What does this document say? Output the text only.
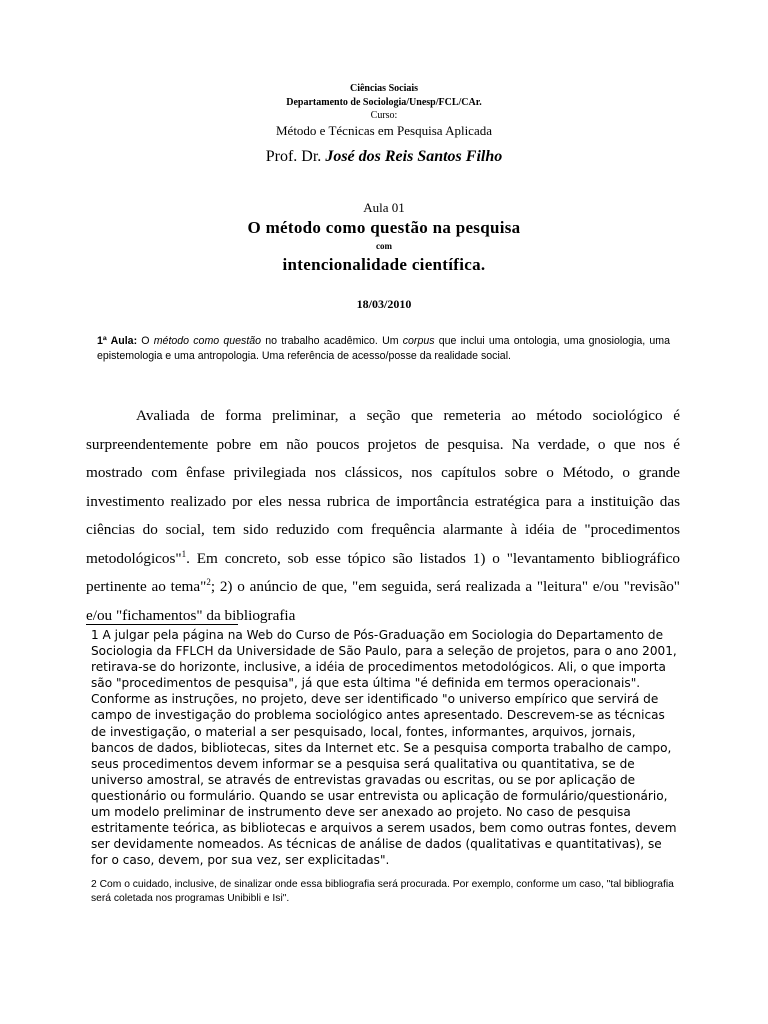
Ciências Sociais
Departamento de Sociologia/Unesp/FCL/CAr.
Curso:
Método e Técnicas em Pesquisa Aplicada
Prof. Dr. José dos Reis Santos Filho
Aula 01
O método como questão na pesquisa
com
intencionalidade científica.
18/03/2010
1ª Aula: O método como questão no trabalho acadêmico. Um corpus que inclui uma ontologia, uma gnosiologia, uma epistemologia e uma antropologia. Uma referência de acesso/posse da realidade social.
Avaliada de forma preliminar, a seção que remeteria ao método sociológico é surpreendentemente pobre em não poucos projetos de pesquisa. Na verdade, o que nos é mostrado com ênfase privilegiada nos clássicos, nos capítulos sobre o Método, o grande investimento realizado por eles nessa rubrica de importância estratégica para a instituição das ciências do social, tem sido reduzido com frequência alarmante à idéia de "procedimentos metodológicos"$^1$. Em concreto, sob esse tópico são listados 1) o "levantamento bibliográfico pertinente ao tema"$^2$; 2) o anúncio de que, "em seguida, será realizada a "leitura" e/ou "revisão" e/ou "fichamentos" da bibliografia
1 A julgar pela página na Web do Curso de Pós-Graduação em Sociologia do Departamento de Sociologia da FFLCH da Universidade de São Paulo, para a seleção de projetos, para o ano 2001, retirava-se do horizonte, inclusive, a idéia de procedimentos metodológicos. Ali, o que importa são "procedimentos de pesquisa", já que esta última "é definida em termos operacionais". Conforme as instruções, no projeto, deve ser identificado "o universo empírico que servirá de campo de investigação do problema sociológico antes apresentado. Descrevem-se as técnicas de investigação, o material a ser pesquisado, local, fontes, informantes, arquivos, jornais, bancos de dados, bibliotecas, sites da Internet etc. Se a pesquisa comporta trabalho de campo, seus procedimentos devem informar se a pesquisa será qualitativa ou quantitativa, se de universo amostral, se através de entrevistas gravadas ou escritas, ou se por aplicação de questionário ou formulário. Quando se usar entrevista ou aplicação de formulário/questionário, um modelo preliminar de instrumento deve ser anexado ao projeto. No caso de pesquisa estritamente teórica, as bibliotecas e arquivos a serem usados, bem como outras fontes, devem ser devidamente nomeados. As técnicas de análise de dados (qualitativas e quantitativas), se for o caso, devem, por sua vez, ser explicitadas".
2 Com o cuidado, inclusive, de sinalizar onde essa bibliografia será procurada. Por exemplo, conforme um caso, "tal bibliografia será coletada nos programas Unibibli e Isi".
